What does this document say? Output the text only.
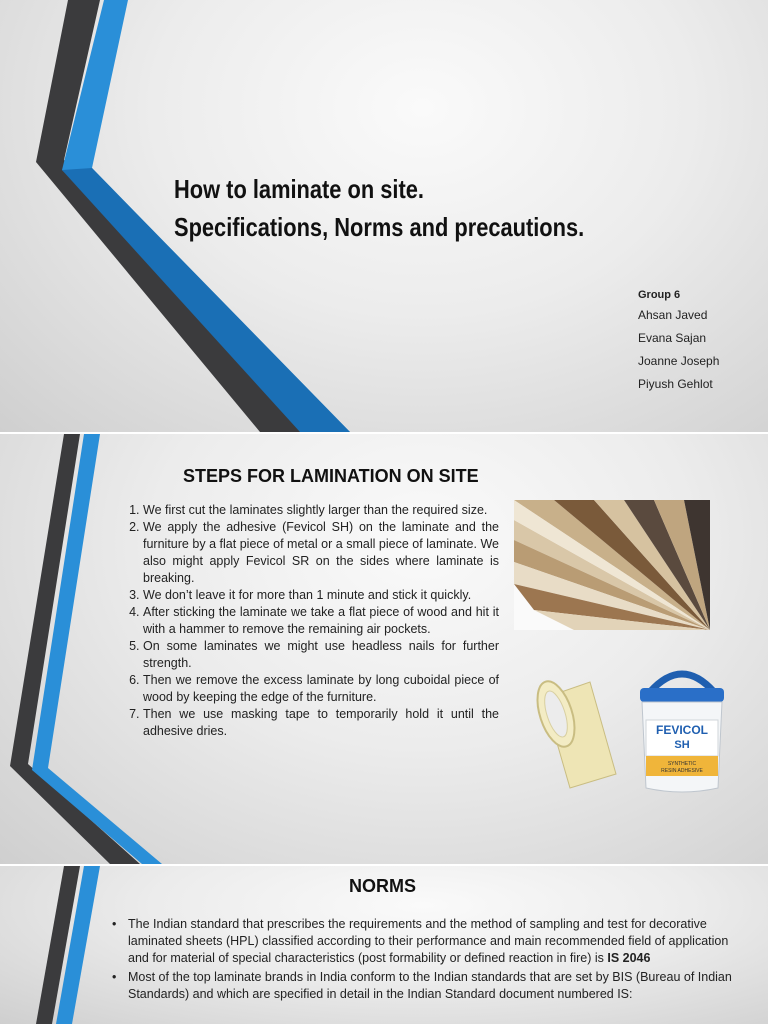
How to laminate on site.
Specifications, Norms and precautions.
Group 6
Ahsan Javed
Evana Sajan
Joanne Joseph
Piyush Gehlot
STEPS FOR LAMINATION ON SITE
1. We first cut the laminates slightly larger than the required size.
2. We apply the adhesive (Fevicol SH) on the laminate and the furniture by a flat piece of metal or a small piece of laminate. We also might apply Fevicol SR on the sides where laminate is breaking.
3. We don’t leave it for more than 1 minute and stick it quickly.
4. After sticking the laminate we take a flat piece of wood and hit it with a hammer to remove the remaining air pockets.
5. On some laminates we might use headless nails for further strength.
6. Then we remove the excess laminate by long cuboidal piece of wood by keeping the edge of the furniture.
7. Then we use masking tape to temporarily hold it until the adhesive dries.	FEVICOL
SH
SYNTHETIC
RESIN ADHESIVE
NORMS
• The Indian standard that prescribes the requirements and the method of sampling and test for decorative laminated sheets (HPL) classified according to their performance and main recommended field of application and for material of special characteristics (post formability or defined reaction in fire) is IS 2046
• Most of the top laminate brands in India conform to the Indian standards that are set by BIS (Bureau of Indian Standards) and which are specified in detail in the Indian Standard document numbered IS:
